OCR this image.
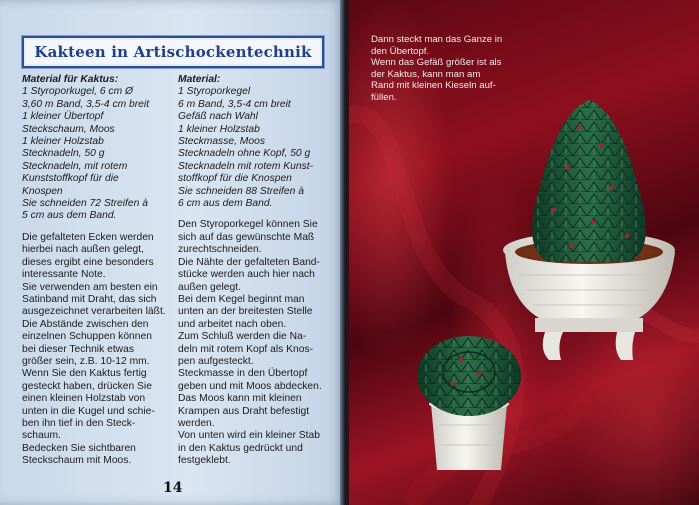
Kakteen in Artischockentechnik
Material für Kaktus:
1 Styroporkugel, 6 cm Ø
3,60 m Band, 3,5-4 cm breit
1 kleiner Übertopf
Steckschaum, Moos
1 kleiner Holzstab
Stecknadeln, 50 g
Stecknadeln, mit rotem
Kunststoffkopf für die
Knospen
Sie schneiden 72 Streifen à
5 cm aus dem Band.
Die gefalteten Ecken werden
hierbei nach außen gelegt,
dieses ergibt eine besonders
interessante Note.
Sie verwenden am besten ein
Satinband mit Draht, das sich
ausgezeichnet verarbeiten läßt.
Die Abstände zwischen den
einzelnen Schuppen können
bei dieser Technik etwas
größer sein, z.B. 10-12 mm.
Wenn Sie den Kaktus fertig
gesteckt haben, drücken Sie
einen kleinen Holzstab von
unten in die Kugel und schie-
ben ihn tief in den Steck-
schaum.
Bedecken Sie sichtbaren
Steckschaum mit Moos.
Material:
1 Styroporkegel
6 m Band, 3,5-4 cm breit
Gefäß nach Wahl
1 kleiner Holzstab
Steckmasse, Moos
Stecknadeln ohne Kopf, 50 g
Stecknadeln mit rotem Kunst-
stoffkopf für die Knospen
Sie schneiden 88 Streifen à
6 cm aus dem Band.
Den Styroporkegel können Sie
sich auf das gewünschte Maß
zurechtschneiden.
Die Nähte der gefalteten Band-
stücke werden auch hier nach
außen gelegt.
Bei dem Kegel beginnt man
unten an der breitesten Stelle
und arbeitet nach oben.
Zum Schluß werden die Na-
deln mit rotem Kopf als Knos-
pen aufgesteckt.
Steckmasse in den Übertopf
geben und mit Moos abdecken.
Das Moos kann mit kleinen
Krampen aus Draht befestigt
werden.
Von unten wird ein kleiner Stab
in den Kaktus gedrückt und
festgeklebt.
14
Dann steckt man das Ganze in
den Übertopf.
Wenn das Gefäß größer ist als
der Kaktus, kann man am
Rand mit kleinen Kieseln auf-
füllen.
